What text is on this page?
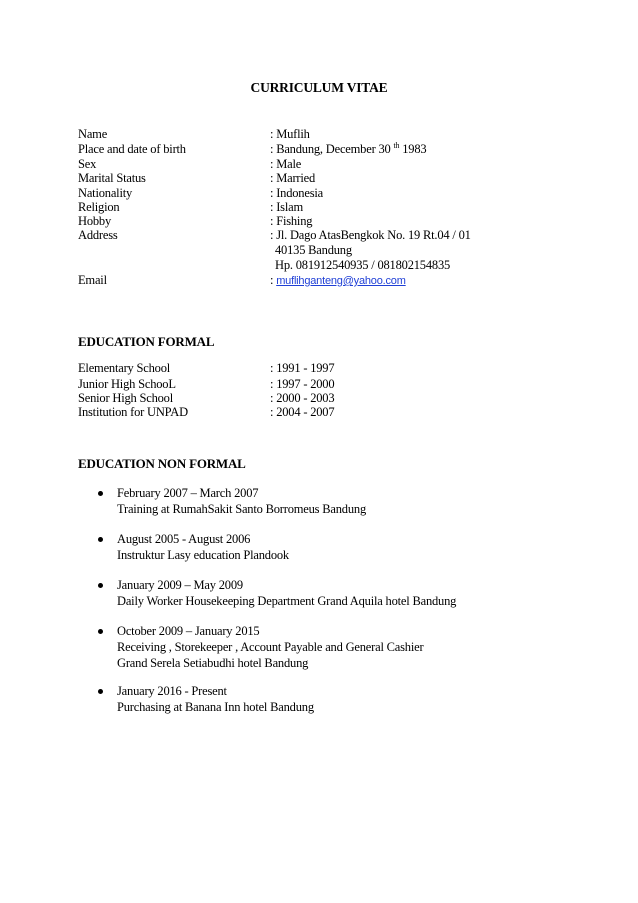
CURRICULUM VITAE
Name	: Muflih
Place and date of birth	: Bandung, December 30 $^{th}$ 1983
Sex	: Male
Marital Status	: Married
Nationality	: Indonesia
Religion	: Islam
Hobby	: Fishing
Address	: Jl. Dago AtasBengkok No. 19 Rt.04 / 01
40135 Bandung
Hp. 081912540935 / 081802154835
Email	: muflihganteng@yahoo.com
EDUCATION FORMAL
Elementary School	: 1991 - 1997
Junior High SchooL	: 1997 - 2000
Senior High School	: 2000 - 2003
Institution for UNPAD	: 2004 - 2007
EDUCATION NON FORMAL
February 2007 – March 2007
Training at RumahSakit Santo Borromeus Bandung
August 2005 - August 2006
Instruktur Lasy education Plandook
January 2009 – May 2009
Daily Worker Housekeeping Department Grand Aquila hotel Bandung
October 2009 – January 2015
Receiving , Storekeeper , Account Payable and General Cashier
Grand Serela Setiabudhi hotel Bandung
January 2016 - Present
Purchasing at Banana Inn hotel Bandung
